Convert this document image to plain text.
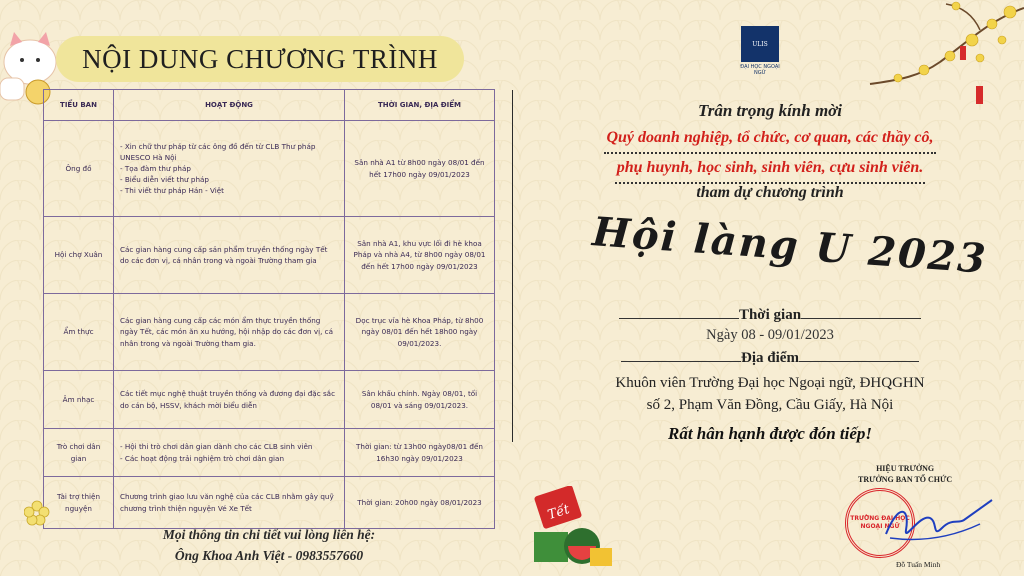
NỘI DUNG CHƯƠNG TRÌNH
TIỂU BAN	HOẠT ĐỘNG	THỜI GIAN, ĐỊA ĐIỂM
Ông đồ	- Xin chữ thư pháp từ các ông đồ đến từ CLB Thư pháp UNESCO Hà Nội
- Tọa đàm thư pháp
- Biểu diễn viết thư pháp
- Thi viết thư pháp Hán - Việt	Sân nhà A1 từ 8h00 ngày 08/01 đến hết 17h00 ngày 09/01/2023
Hội chợ Xuân	Các gian hàng cung cấp sản phẩm truyền thống ngày Tết do các đơn vị, cá nhân trong và ngoài Trường tham gia	Sân nhà A1, khu vực lối đi hè khoa Pháp và nhà A4, từ 8h00 ngày 08/01 đến hết 17h00 ngày 09/01/2023
Ẩm thực	Các gian hàng cung cấp các món ẩm thực truyền thống ngày Tết, các món ăn xu hướng, hội nhập do các đơn vị, cá nhân trong và ngoài Trường tham gia.	Dọc trục vỉa hè Khoa Pháp, từ 8h00 ngày 08/01 đến hết 18h00 ngày 09/01/2023.
Âm nhạc	Các tiết mục nghệ thuật truyền thống và đương đại đặc sắc do cán bộ, HSSV, khách mời biểu diễn	Sân khấu chính. Ngày 08/01, tối 08/01 và sáng 09/01/2023.
Trò chơi dân gian	- Hội thi trò chơi dân gian dành cho các CLB sinh viên
- Các hoạt động trải nghiệm trò chơi dân gian	Thời gian: từ 13h00 ngày08/01 đến 16h30 ngày 09/01/2023
Tài trợ thiện nguyện	Chương trình giao lưu văn nghệ của các CLB nhằm gây quỹ chương trình thiện nguyện Vé Xe Tết	Thời gian: 20h00 ngày 08/01/2023
Mọi thông tin chi tiết vui lòng liên hệ:
Ông Khoa Anh Việt - 0983557660
Tết
ULIS
ĐẠI HỌC NGOẠI NGỮ
Trân trọng kính mời
Quý doanh nghiệp, tổ chức, cơ quan, các thầy cô,
phụ huynh, học sinh, sinh viên, cựu sinh viên.
tham dự chương trình
Hội làng U 2023
Thời gian
Ngày 08 - 09/01/2023
Địa điểm
Khuôn viên Trường Đại học Ngoại ngữ, ĐHQGHN
số 2, Phạm Văn Đồng, Cầu Giấy, Hà Nội
Rất hân hạnh được đón tiếp!
HIỆU TRƯỞNG
TRƯỞNG BAN TỔ CHỨC
TRƯỜNG ĐẠI HỌC NGOẠI NGỮ
Đỗ Tuấn Minh
